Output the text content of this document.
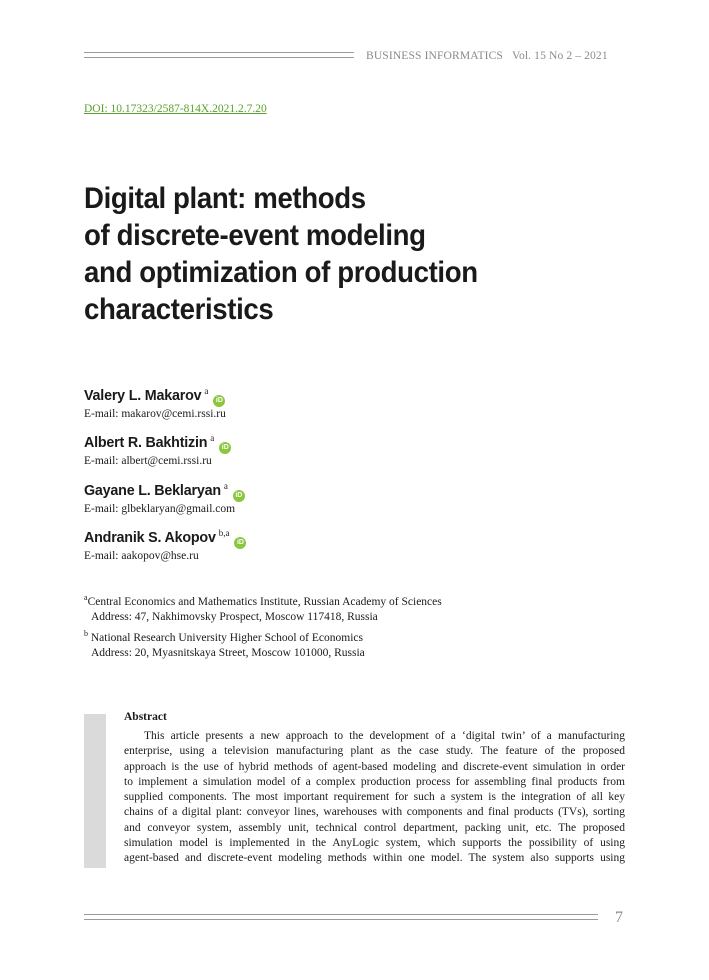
BUSINESS INFORMATICS Vol. 15 No 2 – 2021
DOI: 10.17323/2587-814X.2021.2.7.20
Digital plant: methods
of discrete-event modeling
and optimization of production
characteristics
Valery L. Makarov $^a$iD
E-mail: makarov@cemi.rssi.ru
Albert R. Bakhtizin $^a$iD
E-mail: albert@cemi.rssi.ru
Gayane L. Beklaryan $^a$iD
E-mail: glbeklaryan@gmail.com
Andranik S. Akopov $^{b,a}$iD
E-mail: aakopov@hse.ru
$^a$Central Economics and Mathematics Institute, Russian Academy of Sciences
Address: 47, Nakhimovsky Prospect, Moscow 117418, Russia
$^b$ National Research University Higher School of Economics
Address: 20, Myasnitskaya Street, Moscow 101000, Russia
Abstract
This article presents a new approach to the development of a ‘digital twin’ of a manufacturing
enterprise, using a television manufacturing plant as the case study. The feature of the proposed
approach is the use of hybrid methods of agent-based modeling and discrete-event simulation in order
to implement a simulation model of a complex production process for assembling final products from
supplied components. The most important requirement for such a system is the integration of all key
chains of a digital plant: conveyor lines, warehouses with components and final products (TVs), sorting
and conveyor system, assembly unit, technical control department, packing unit, etc. The proposed
simulation model is implemented in the AnyLogic system, which supports the possibility of using
agent-based and discrete-event modeling methods within one model. The system also supports using
7
